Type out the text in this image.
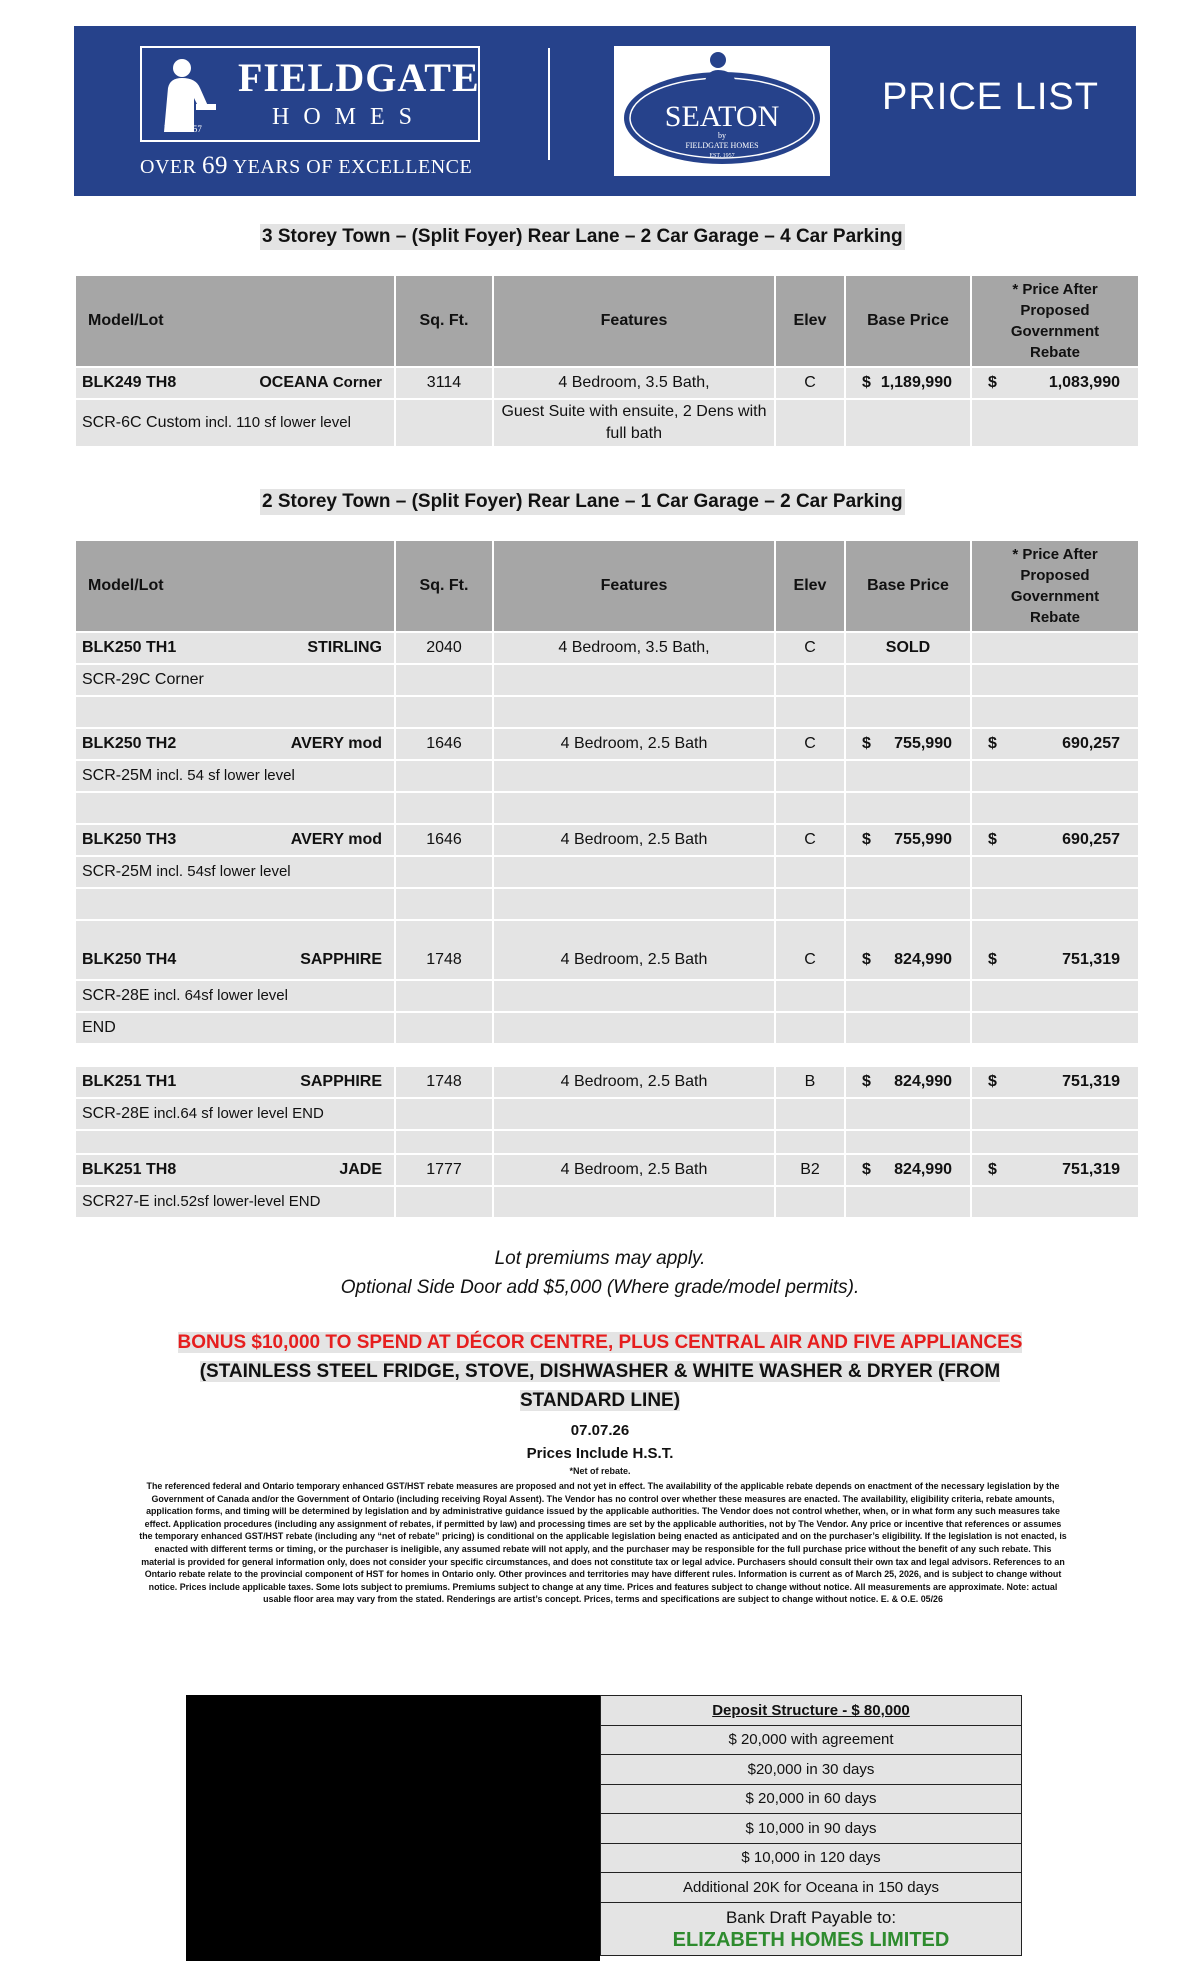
FIELDGATE
HOMES
EST. 1957
OVER 69 YEARS OF EXCELLENCE
SEATON
by
FIELDGATE HOMES
EST. 1957
PRICE LIST
3 Storey Town – (Split Foyer) Rear Lane – 2 Car Garage – 4 Car Parking
Model/Lot	Sq. Ft.	Features	Elev	Base Price	* Price After Proposed Government Rebate

BLK249 TH8 OCEANA Corner	3114	4 Bedroom, 3.5 Bath,	C	$ 1,189,990	$ 1,083,990

SCR-6C Custom incl. 110 sf lower level		Guest Suite with ensuite, 2 Dens with full bath			
2 Storey Town – (Split Foyer) Rear Lane – 1 Car Garage – 2 Car Parking
Model/Lot	Sq. Ft.	Features	Elev	Base Price	* Price After Proposed Government Rebate

BLK250 TH1 STIRLING	2040	4 Bedroom, 3.5 Bath,	C	SOLD	
SCR-29C Corner					

BLK250 TH2 AVERY mod	1646	4 Bedroom, 2.5 Bath	C	$ 755,990	$ 690,257

SCR-25M incl. 54 sf lower level					

BLK250 TH3 AVERY mod	1646	4 Bedroom, 2.5 Bath	C	$ 755,990	$ 690,257

SCR-25M incl. 54sf lower level					

BLK250 TH4 SAPPHIRE	1748	4 Bedroom, 2.5 Bath	C	$ 824,990	$ 751,319

SCR-28E incl. 64sf lower level					
END					

BLK251 TH1 SAPPHIRE	1748	4 Bedroom, 2.5 Bath	B	$ 824,990	$ 751,319

SCR-28E incl.64 sf lower level END					

BLK251 TH8 JADE	1777	4 Bedroom, 2.5 Bath	B2	$ 824,990	$ 751,319

SCR27-E incl.52sf lower-level END					
Lot premiums may apply.
Optional Side Door add $5,000 (Where grade/model permits).
BONUS $10,000 TO SPEND AT DÉCOR CENTRE, PLUS CENTRAL AIR AND FIVE APPLIANCES
(STAINLESS STEEL FRIDGE, STOVE, DISHWASHER & WHITE WASHER & DRYER (FROM
STANDARD LINE)
07.07.26
Prices Include H.S.T.
*Net of rebate.
The referenced federal and Ontario temporary enhanced GST/HST rebate measures are proposed and not yet in effect. The availability of the applicable rebate depends on enactment of the necessary legislation by the Government of Canada and/or the Government of Ontario (including receiving Royal Assent). The Vendor has no control over whether these measures are enacted. The availability, eligibility criteria, rebate amounts, application forms, and timing will be determined by legislation and by administrative guidance issued by the applicable authorities. The Vendor does not control whether, when, or in what form any such measures take effect. Application procedures (including any assignment of rebates, if permitted by law) and processing times are set by the applicable authorities, not by The Vendor. Any price or incentive that references or assumes the temporary enhanced GST/HST rebate (including any “net of rebate” pricing) is conditional on the applicable legislation being enacted as anticipated and on the purchaser’s eligibility. If the legislation is not enacted, is enacted with different terms or timing, or the purchaser is ineligible, any assumed rebate will not apply, and the purchaser may be responsible for the full purchase price without the benefit of any such rebate. This material is provided for general information only, does not consider your specific circumstances, and does not constitute tax or legal advice. Purchasers should consult their own tax and legal advisors. References to an Ontario rebate relate to the provincial component of HST for homes in Ontario only. Other provinces and territories may have different rules. Information is current as of March 25, 2026, and is subject to change without notice. Prices include applicable taxes. Some lots subject to premiums. Premiums subject to change at any time. Prices and features subject to change without notice. All measurements are approximate. Note: actual usable floor area may vary from the stated. Renderings are artist’s concept. Prices, terms and specifications are subject to change without notice. E. & O.E. 05/26
Deposit Structure - $ 80,000
$ 20,000 with agreement
$20,000 in 30 days
$ 20,000 in 60 days
$ 10,000 in 90 days
$ 10,000 in 120 days
Additional 20K for Oceana in 150 days

Bank Draft Payable to:
ELIZABETH HOMES LIMITED
